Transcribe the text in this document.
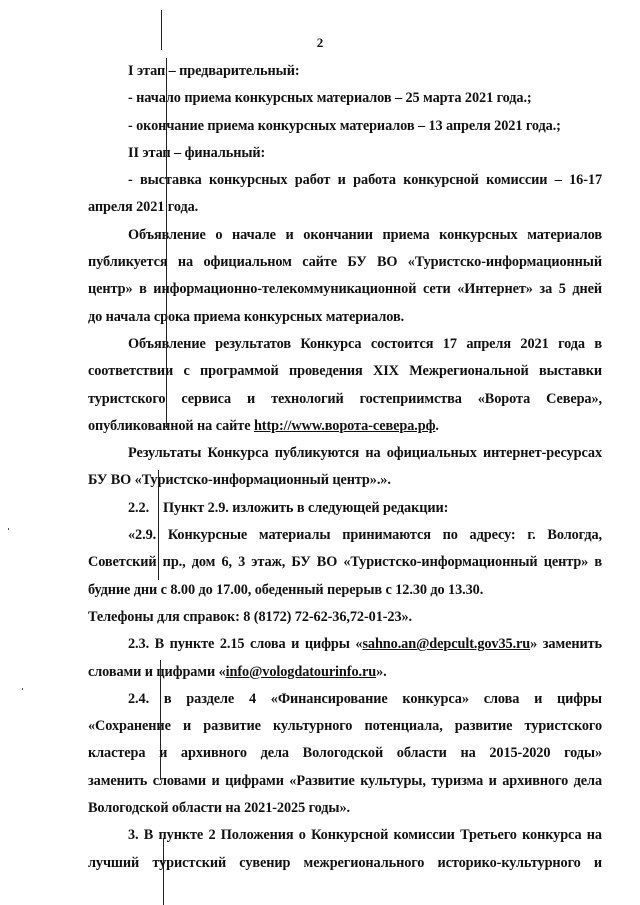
2

I этап – предварительный:

- начало приема конкурсных материалов – 25 марта 2021 года.;

- окончание приема конкурсных материалов – 13 апреля 2021 года.;

II этап – финальный:

- выставка конкурсных работ и работа конкурсной комиссии – 16-17

апреля 2021 года.

Объявление о начале и окончании приема конкурсных материалов

публикуется на официальном сайте БУ ВО «Туристско-информационный

центр» в информационно-телекоммуникационной сети «Интернет» за 5 дней

до начала срока приема конкурсных материалов.

Объявление результатов Конкурса состоится 17 апреля 2021 года в

соответствии с программой проведения XIX Межрегиональной выставки

туристского сервиса и технологий гостеприимства «Ворота Севера»,

опубликованной на сайте http://www.ворота-севера.рф.

Результаты Конкурса публикуются на официальных интернет-ресурсах

БУ ВО «Туристско-информационный центр».».

2.2.    Пункт 2.9. изложить в следующей редакции:

«2.9. Конкурсные материалы принимаются по адресу: г. Вологда,

Советский пр., дом 6, 3 этаж, БУ ВО «Туристско-информационный центр» в

будние дни с 8.00 до 17.00, обеденный перерыв с 12.30 до 13.30.

Телефоны для справок: 8 (8172) 72-62-36,72-01-23».

2.3. В пункте 2.15 слова и цифры «sahno.an@depcult.gov35.ru» заменить

словами и цифрами «info@vologdatourinfo.ru».

2.4. в разделе 4 «Финансирование конкурса» слова и цифры

«Сохранение и развитие культурного потенциала, развитие туристского

кластера и архивного дела Вологодской области на 2015-2020 годы»

заменить словами и цифрами «Развитие культуры, туризма и архивного дела

Вологодской области на 2021-2025 годы».

3. В пункте 2 Положения о Конкурсной комиссии Третьего конкурса на

лучший туристский сувенир межрегионального историко-культурного и
